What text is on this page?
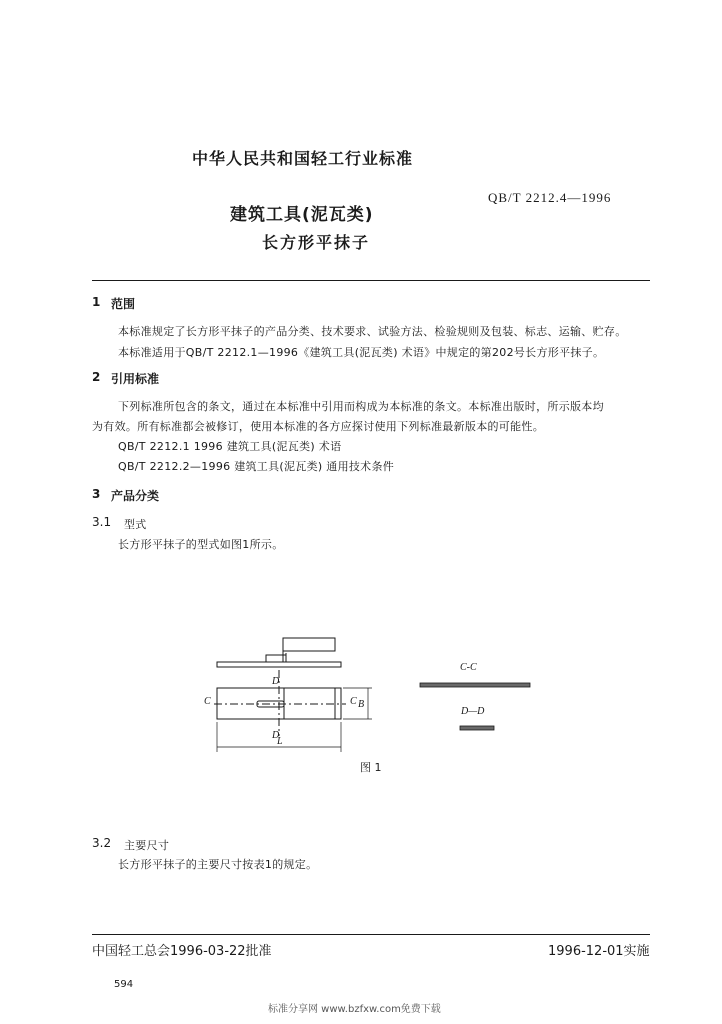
中华人民共和国轻工行业标准
QB/T 2212.4—1996
建筑工具(泥瓦类)
长方形平抹子
1 范围
本标准规定了长方形平抹子的产品分类、技术要求、试验方法、检验规则及包装、标志、运输、贮存。
本标准适用于QB/T 2212.1—1996《建筑工具(泥瓦类) 术语》中规定的第202号长方形平抹子。
2 引用标准
下列标准所包含的条文，通过在本标准中引用而构成为本标准的条文。本标准出版时，所示版本均
为有效。所有标准都会被修订，使用本标准的各方应探讨使用下列标准最新版本的可能性。
QB/T 2212.1 1996 建筑工具(泥瓦类) 术语
QB/T 2212.2—1996 建筑工具(泥瓦类) 通用技术条件
3 产品分类
3.1 型式
长方形平抹子的型式如图1所示。
C
D
D
C B
L
C-C
D—D
图 1
3.2 主要尺寸
长方形平抹子的主要尺寸按表1的规定。
中国轻工总会1996-03-22批准	1996-12-01实施
594
标准分享网 www.bzfxw.com免费下载
